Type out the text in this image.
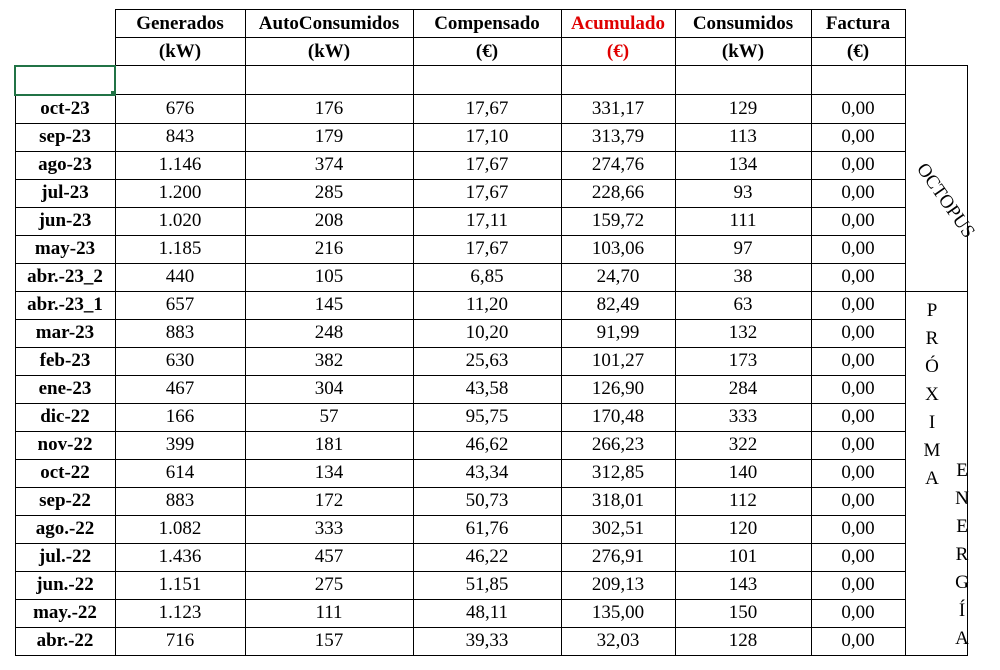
	Generados	AutoConsumidos	Compensado	Acumulado	Consumidos	Factura	
	(kW)	(kW)	(€)	(€)	(kW)	(€)	

oct-23	676	176	17,67	331,17	129	0,00	
sep-23	843	179	17,10	313,79	113	0,00	
ago-23	1.146	374	17,67	274,76	134	0,00	
jul-23	1.200	285	17,67	228,66	93	0,00	
jun-23	1.020	208	17,11	159,72	111	0,00	
may-23	1.185	216	17,67	103,06	97	0,00	
abr.-23_2	440	105	6,85	24,70	38	0,00	
abr.-23_1	657	145	11,20	82,49	63	0,00	
mar-23	883	248	10,20	91,99	132	0,00	
feb-23	630	382	25,63	101,27	173	0,00	
ene-23	467	304	43,58	126,90	284	0,00	
dic-22	166	57	95,75	170,48	333	0,00	
nov-22	399	181	46,62	266,23	322	0,00	
oct-22	614	134	43,34	312,85	140	0,00	
sep-22	883	172	50,73	318,01	112	0,00	
ago.-22	1.082	333	61,76	302,51	120	0,00	
jul.-22	1.436	457	46,22	276,91	101	0,00	
jun.-22	1.151	275	51,85	209,13	143	0,00	
may.-22	1.123	111	48,11	135,00	150	0,00	
abr.-22	716	157	39,33	32,03	128	0,00	
OCTOPUS
P
R
Ó
X
I
M
A E
N
E
R
G
Í
A
